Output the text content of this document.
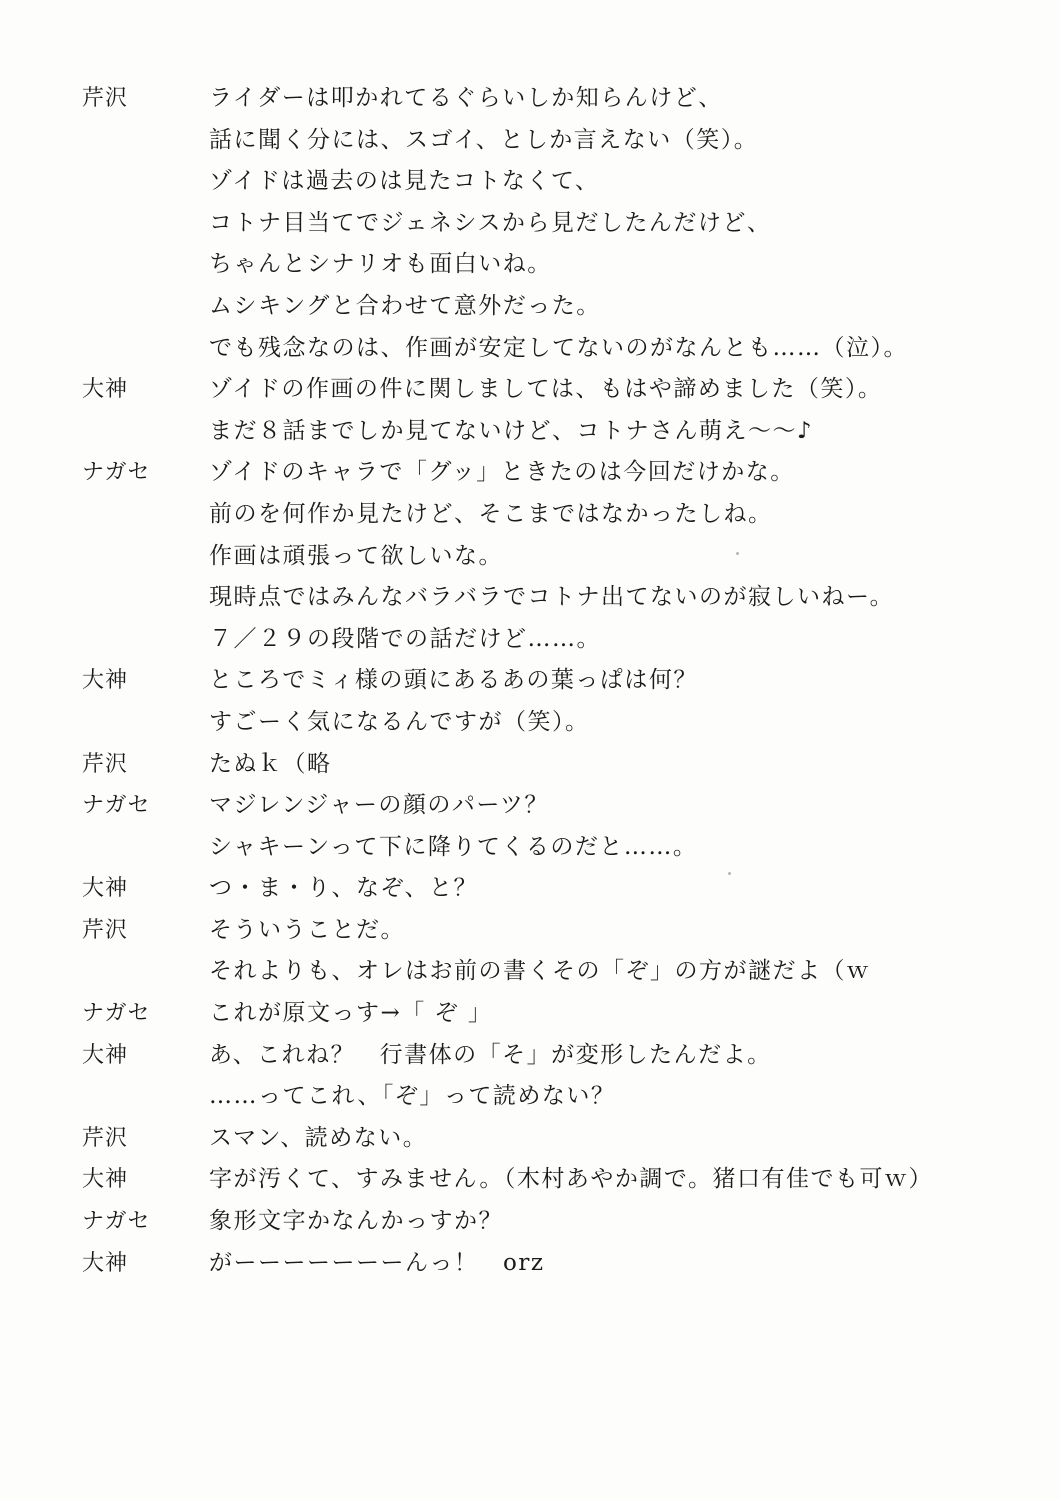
芹沢	ライダーは叩かれてるぐらいしか知らんけど、
話に聞く分には、スゴイ、としか言えない（笑）。
ゾイドは過去のは見たコトなくて、
コトナ目当てでジェネシスから見だしたんだけど、
ちゃんとシナリオも面白いね。
ムシキングと合わせて意外だった。
でも残念なのは、作画が安定してないのがなんとも……（泣）。
大神	ゾイドの作画の件に関しましては、もはや諦めました（笑）。
まだ８話までしか見てないけど、コトナさん萌え～～♪
ナガセ	ゾイドのキャラで「グッ」ときたのは今回だけかな。
前のを何作か見たけど、そこまではなかったしね。
作画は頑張って欲しいな。
現時点ではみんなバラバラでコトナ出てないのが寂しいねー。
７／２９の段階での話だけど……。
大神	ところでミィ様の頭にあるあの葉っぱは何？
すごーく気になるんですが（笑）。
芹沢	たぬｋ（略
ナガセ	マジレンジャーの顔のパーツ？
シャキーンって下に降りてくるのだと……。
大神	つ・ま・り、なぞ、と？
芹沢	そういうことだ。
それよりも、オレはお前の書くその「ぞ」の方が謎だよ（ｗ
ナガセ	これが原文っす→「 ぞ 」
大神	あ、これね？　行書体の「そ」が変形したんだよ。
……ってこれ、「ぞ」って読めない？
芹沢	スマン、読めない。
大神	字が汚くて、すみません。（木村あやか調で。猪口有佳でも可ｗ）
ナガセ	象形文字かなんかっすか？
大神	がーーーーーーーんっ！　orz
